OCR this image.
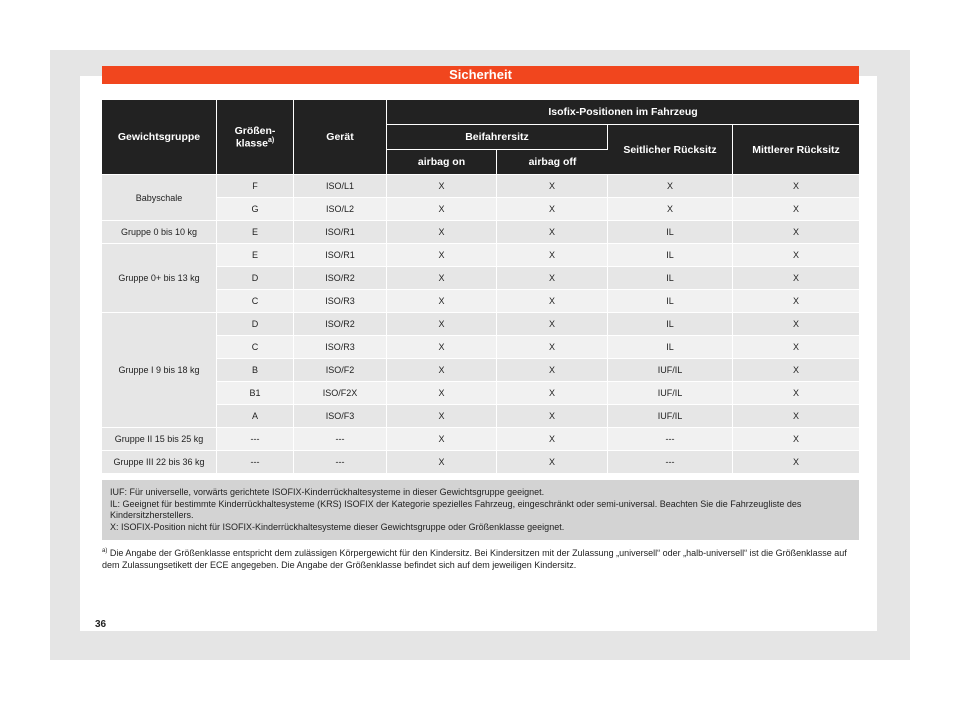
Sicherheit
Gewichtsgruppe	Größen-klasse$^{a)}$	Gerät	Isofix-Positionen im Fahrzeug			
			Beifahrersitz		Seitlicher Rücksitz	Mittlerer Rücksitz
			airbag on	airbag off		
Babyschale	F	ISO/L1	X	X	X	X
	G	ISO/L2	X	X	X	X
Gruppe 0 bis 10 kg	E	ISO/R1	X	X	IL	X
Gruppe 0+ bis 13 kg	E	ISO/R1	X	X	IL	X
	D	ISO/R2	X	X	IL	X
	C	ISO/R3	X	X	IL	X
Gruppe I 9 bis 18 kg	D	ISO/R2	X	X	IL	X
	C	ISO/R3	X	X	IL	X
	B	ISO/F2	X	X	IUF/IL	X
	B1	ISO/F2X	X	X	IUF/IL	X
	A	ISO/F3	X	X	IUF/IL	X
Gruppe II 15 bis 25 kg	---	---	X	X	---	X
Gruppe III 22 bis 36 kg	---	---	X	X	---	X
IUF: Für universelle, vorwärts gerichtete ISOFIX-Kinderrückhaltesysteme in dieser Gewichtsgruppe geeignet.
IL: Geeignet für bestimmte Kinderrückhaltesysteme (KRS) ISOFIX der Kategorie spezielles Fahrzeug, eingeschränkt oder semi-universal. Beachten Sie die Fahrzeugliste des Kindersitzherstellers.
X: ISOFIX-Position nicht für ISOFIX-Kinderrückhaltesysteme dieser Gewichtsgruppe oder Größenklasse geeignet.
$^{a)}$ Die Angabe der Größenklasse entspricht dem zulässigen Körpergewicht für den Kindersitz. Bei Kindersitzen mit der Zulassung „universell“ oder „halb-universell“ ist die Größenklasse auf dem Zulassungsetikett der ECE angegeben. Die Angabe der Größenklasse befindet sich auf dem jeweiligen Kindersitz.
36
